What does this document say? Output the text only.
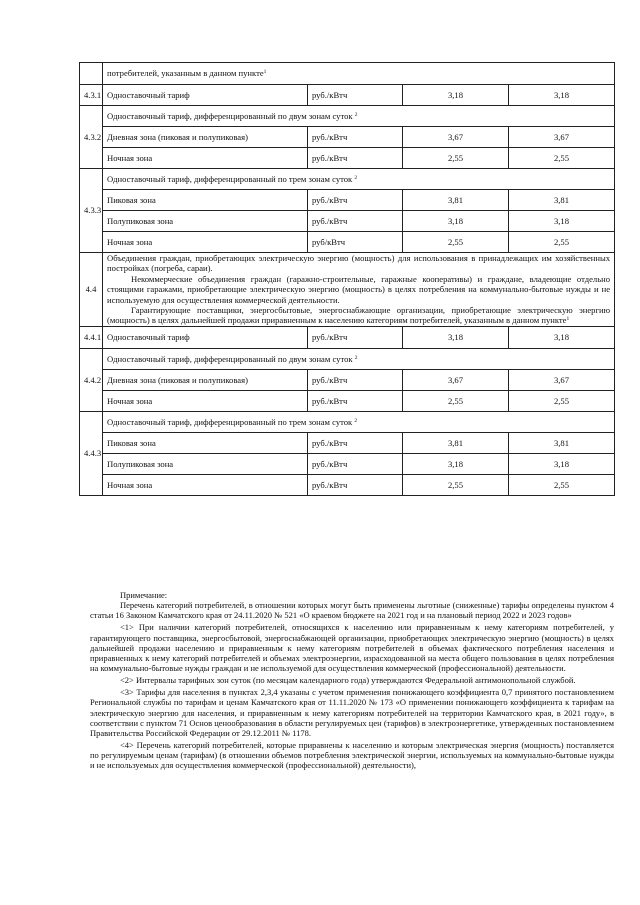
	потребителей, указанным в данном пункте$^1$
4.3.1	Одноставочный тариф	руб./кВтч	3,18	3,18
4.3.2	Одноставочный тариф, дифференцированный по двум зонам суток $^2$
	Дневная зона (пиковая и полупиковая)	руб./кВтч	3,67	3,67
	Ночная зона	руб./кВтч	2,55	2,55
4.3.3	Одноставочный тариф, дифференцированный по трем зонам суток $^2$
	Пиковая зона	руб./кВтч	3,81	3,81
	Полупиковая зона	руб./кВтч	3,18	3,18
	Ночная зона	руб/кВтч	2,55	2,55
4.4	Объединения граждан, приобретающих электрическую энергию (мощность) для использования в принадлежащих им хозяйственных постройках (погреба, сараи).
Некоммерческие объединения граждан (гаражно-строительные, гаражные кооперативы) и граждане, владеющие отдельно стоящими гаражами, приобретающие электрическую энергию (мощность) в целях потребления на коммунально-бытовые нужды и не используемую для осуществления коммерческой деятельности.
Гарантирующие поставщики, энергосбытовые, энергоснабжающие организации, приобретающие электрическую энергию (мощность) в целях дальнейшей продажи приравненным к населению категориям потребителей, указанным в данном пункте$^1$

4.4.1	Одноставочный тариф	руб./кВтч	3,18	3,18
4.4.2	Одноставочный тариф, дифференцированный по двум зонам суток $^2$
	Дневная зона (пиковая и полупиковая)	руб./кВтч	3,67	3,67
	Ночная зона	руб./кВтч	2,55	2,55
4.4.3	Одноставочный тариф, дифференцированный по трем зонам суток $^2$
	Пиковая зона	руб./кВтч	3,81	3,81
	Полупиковая зона	руб./кВтч	3,18	3,18
	Ночная зона	руб./кВтч	2,55	2,55

Примечание:

Перечень категорий потребителей, в отношении которых могут быть применены льготные (сниженные) тарифы определены пунктом 4 статьи 16 Законом Камчатского края от 24.11.2020 № 521 «О краевом бюджете на 2021 год и на плановый период 2022 и 2023 годов»

<1> При наличии категорий потребителей, относящихся к населению или приравненным к нему категориям потребителей, у гарантирующего поставщика, энергосбытовой, энергоснабжающей организации, приобретающих электрическую энергию (мощность) в целях дальнейшей продажи населению и приравненным к нему категориям потребителей в объемах фактического потребления населения и приравненных к нему категорий потребителей и объемах электроэнергии, израсходованной на места общего пользования в целях потребления на коммунально-бытовые нужды граждан и не используемой для осуществления коммерческой (профессиональной) деятельности.

<2> Интервалы тарифных зон суток (по месяцам календарного года) утверждаются Федеральной антимонопольной службой.

<3> Тарифы для населения в пунктах 2,3,4 указаны с учетом применения понижающего коэффициента 0,7 принятого постановлением Региональной службы по тарифам и ценам Камчатского края от 11.11.2020 № 173 «О применении понижающего коэффициента к тарифам на электрическую энергию для населения, и приравненным к нему категориям потребителей на территории Камчатского края, в 2021 году», в соответствии с пунктом 71 Основ ценообразования в области регулируемых цен (тарифов) в электроэнергетике, утвержденных постановлением Правительства Российской Федерации от 29.12.2011 № 1178.

<4> Перечень категорий потребителей, которые приравнены к населению и которым электрическая энергия (мощность) поставляется по регулируемым ценам (тарифам) (в отношении объемов потребления электрической энергии, используемых на коммунально-бытовые нужды и не используемых для осуществления коммерческой (профессиональной) деятельности),
